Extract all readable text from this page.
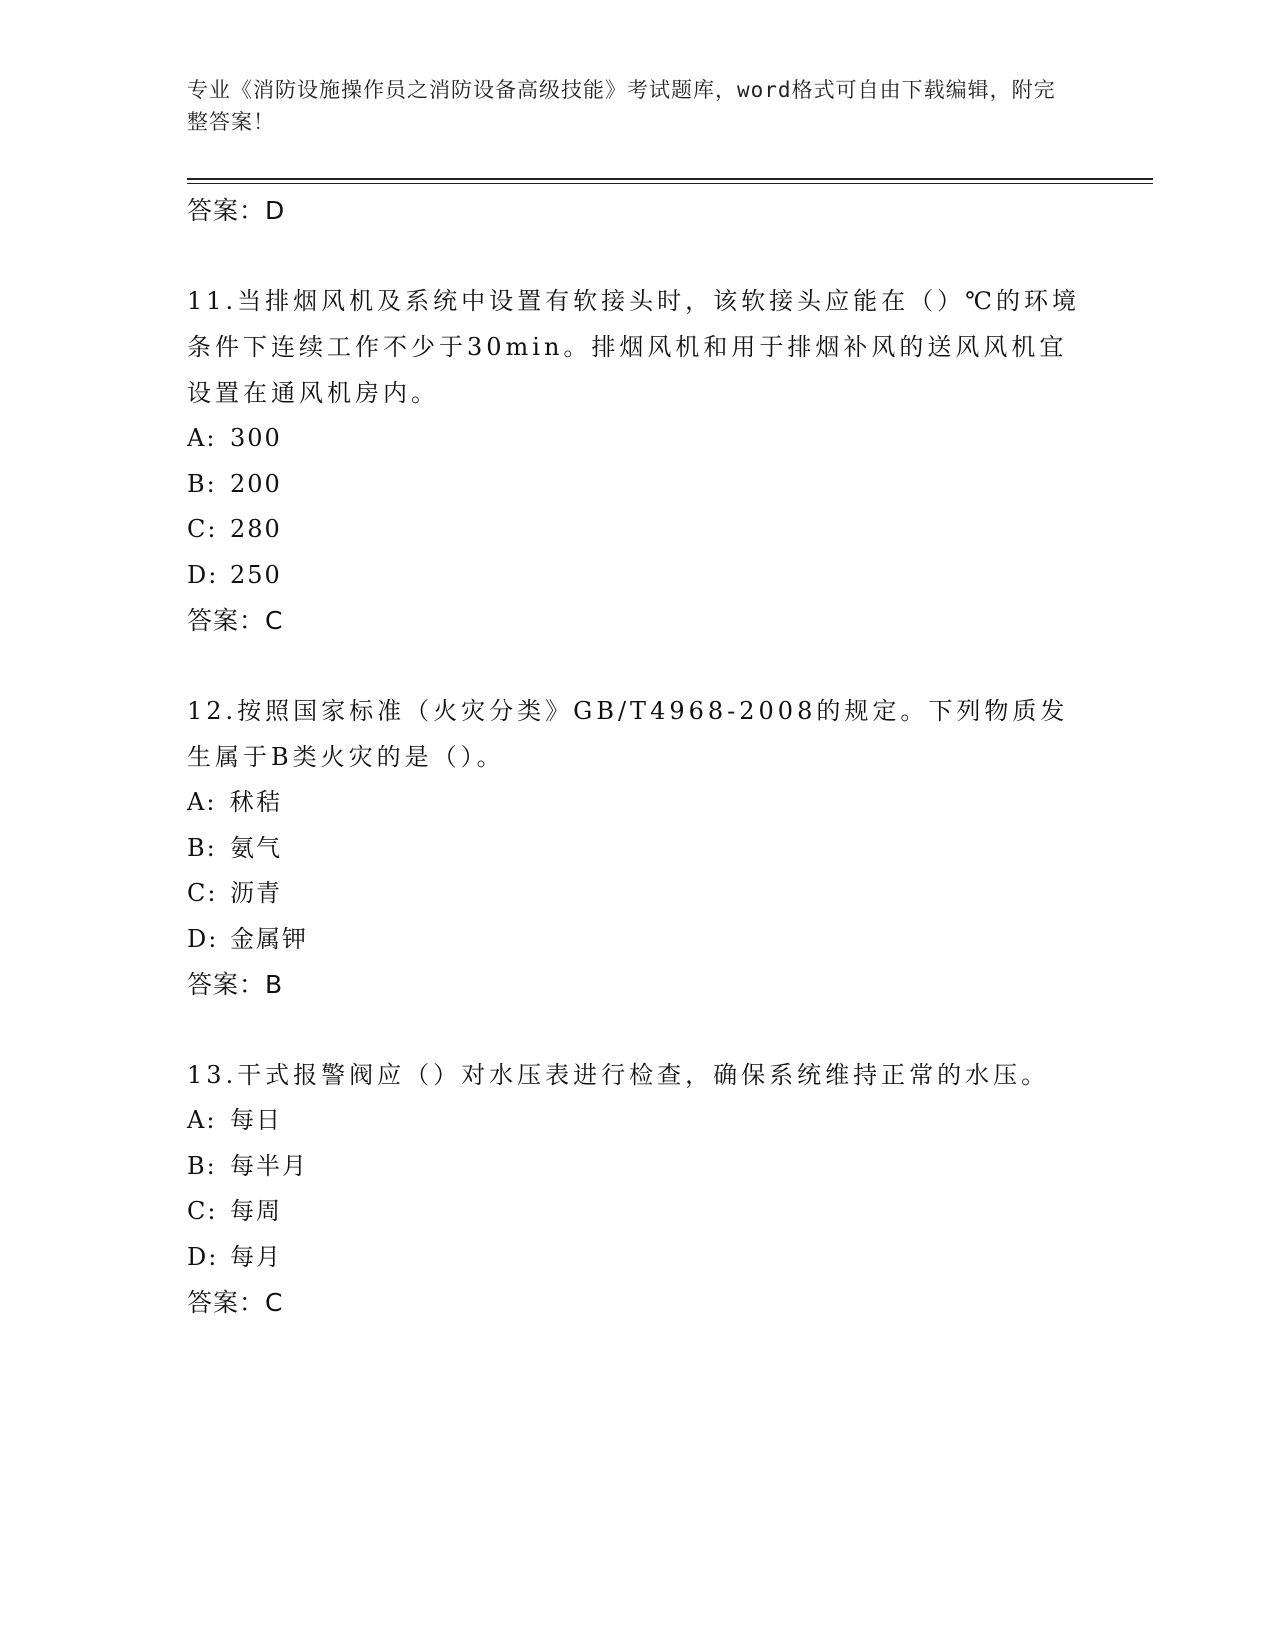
专业《消防设施操作员之消防设备高级技能》考试题库，word格式可自由下载编辑，附完整答案！
答案：D
11.当排烟风机及系统中设置有软接头时，该软接头应能在（）℃的环境条件下连续工作不少于30min。排烟风机和用于排烟补风的送风风机宜设置在通风机房内。
A: 300
B: 200
C: 280
D: 250
答案：C
12.按照国家标准（火灾分类》GB/T4968-2008的规定。下列物质发生属于B类火灾的是（）。
A: 秫秸
B: 氨气
C: 沥青
D: 金属钾
答案：B
13.干式报警阀应（）对水压表进行检查，确保系统维持正常的水压。
A: 每日
B: 每半月
C: 每周
D: 每月
答案：C
